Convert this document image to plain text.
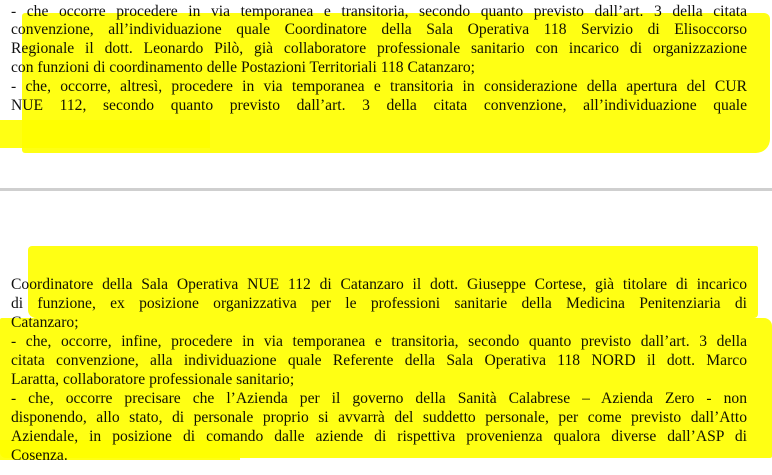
- che occorre procedere in via temporanea e transitoria, secondo quanto previsto dall’art. 3 della citata
convenzione, all’individuazione quale Coordinatore della Sala Operativa 118 Servizio di Elisoccorso
Regionale il dott. Leonardo Pilò, già collaboratore professionale sanitario con incarico di organizzazione
con funzioni di coordinamento delle Postazioni Territoriali 118 Catanzaro;
- che, occorre, altresì, procedere in via temporanea e transitoria in considerazione della apertura del CUR
NUE 112, secondo quanto previsto dall’art. 3 della citata convenzione, all’individuazione quale
Coordinatore della Sala Operativa NUE 112 di Catanzaro il dott. Giuseppe Cortese, già titolare di incarico
di funzione, ex posizione organizzativa per le professioni sanitarie della Medicina Penitenziaria di
Catanzaro;
- che, occorre, infine, procedere in via temporanea e transitoria, secondo quanto previsto dall’art. 3 della
citata convenzione, alla individuazione quale Referente della Sala Operativa 118 NORD il dott. Marco
Laratta, collaboratore professionale sanitario;
- che, occorre precisare che l’Azienda per il governo della Sanità Calabrese – Azienda Zero - non
disponendo, allo stato, di personale proprio si avvarrà del suddetto personale, per come previsto dall’Atto
Aziendale, in posizione di comando dalle aziende di rispettiva provenienza qualora diverse dall’ASP di
Cosenza.
